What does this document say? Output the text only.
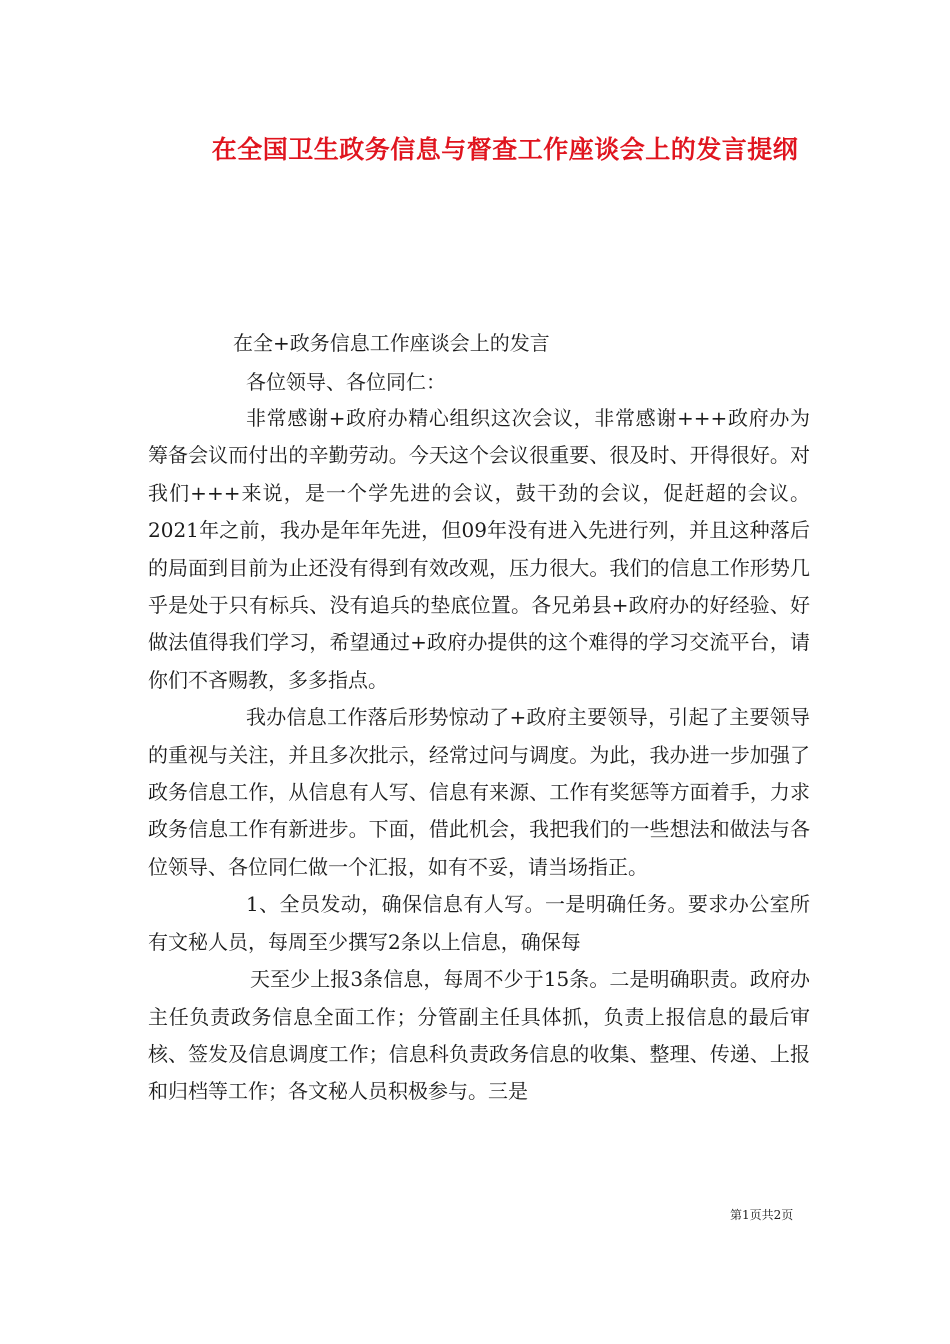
在全国卫生政务信息与督查工作座谈会上的发言提纲

在全+政务信息工作座谈会上的发言

各位领导、各位同仁：

非常感谢+政府办精心组织这次会议，非常感谢+++政府办为筹备会议而付出的辛勤劳动。今天这个会议很重要、很及时、开得很好。对我们+++来说，是一个学先进的会议，鼓干劲的会议，促赶超的会议。2021年之前，我办是年年先进，但09年没有进入先进行列，并且这种落后的局面到目前为止还没有得到有效改观，压力很大。我们的信息工作形势几乎是处于只有标兵、没有追兵的垫底位置。各兄弟县+政府办的好经验、好做法值得我们学习，希望通过+政府办提供的这个难得的学习交流平台，请你们不吝赐教，多多指点。

我办信息工作落后形势惊动了+政府主要领导，引起了主要领导的重视与关注，并且多次批示，经常过问与调度。为此，我办进一步加强了政务信息工作，从信息有人写、信息有来源、工作有奖惩等方面着手，力求政务信息工作有新进步。下面，借此机会，我把我们的一些想法和做法与各位领导、各位同仁做一个汇报，如有不妥，请当场指正。

1、全员发动，确保信息有人写。一是明确任务。要求办公室所有文秘人员，每周至少撰写2条以上信息，确保每

天至少上报3条信息，每周不少于15条。二是明确职责。政府办主任负责政务信息全面工作；分管副主任具体抓，负责上报信息的最后审核、签发及信息调度工作；信息科负责政务信息的收集、整理、传递、上报和归档等工作；各文秘人员积极参与。三是

第1页共2页
